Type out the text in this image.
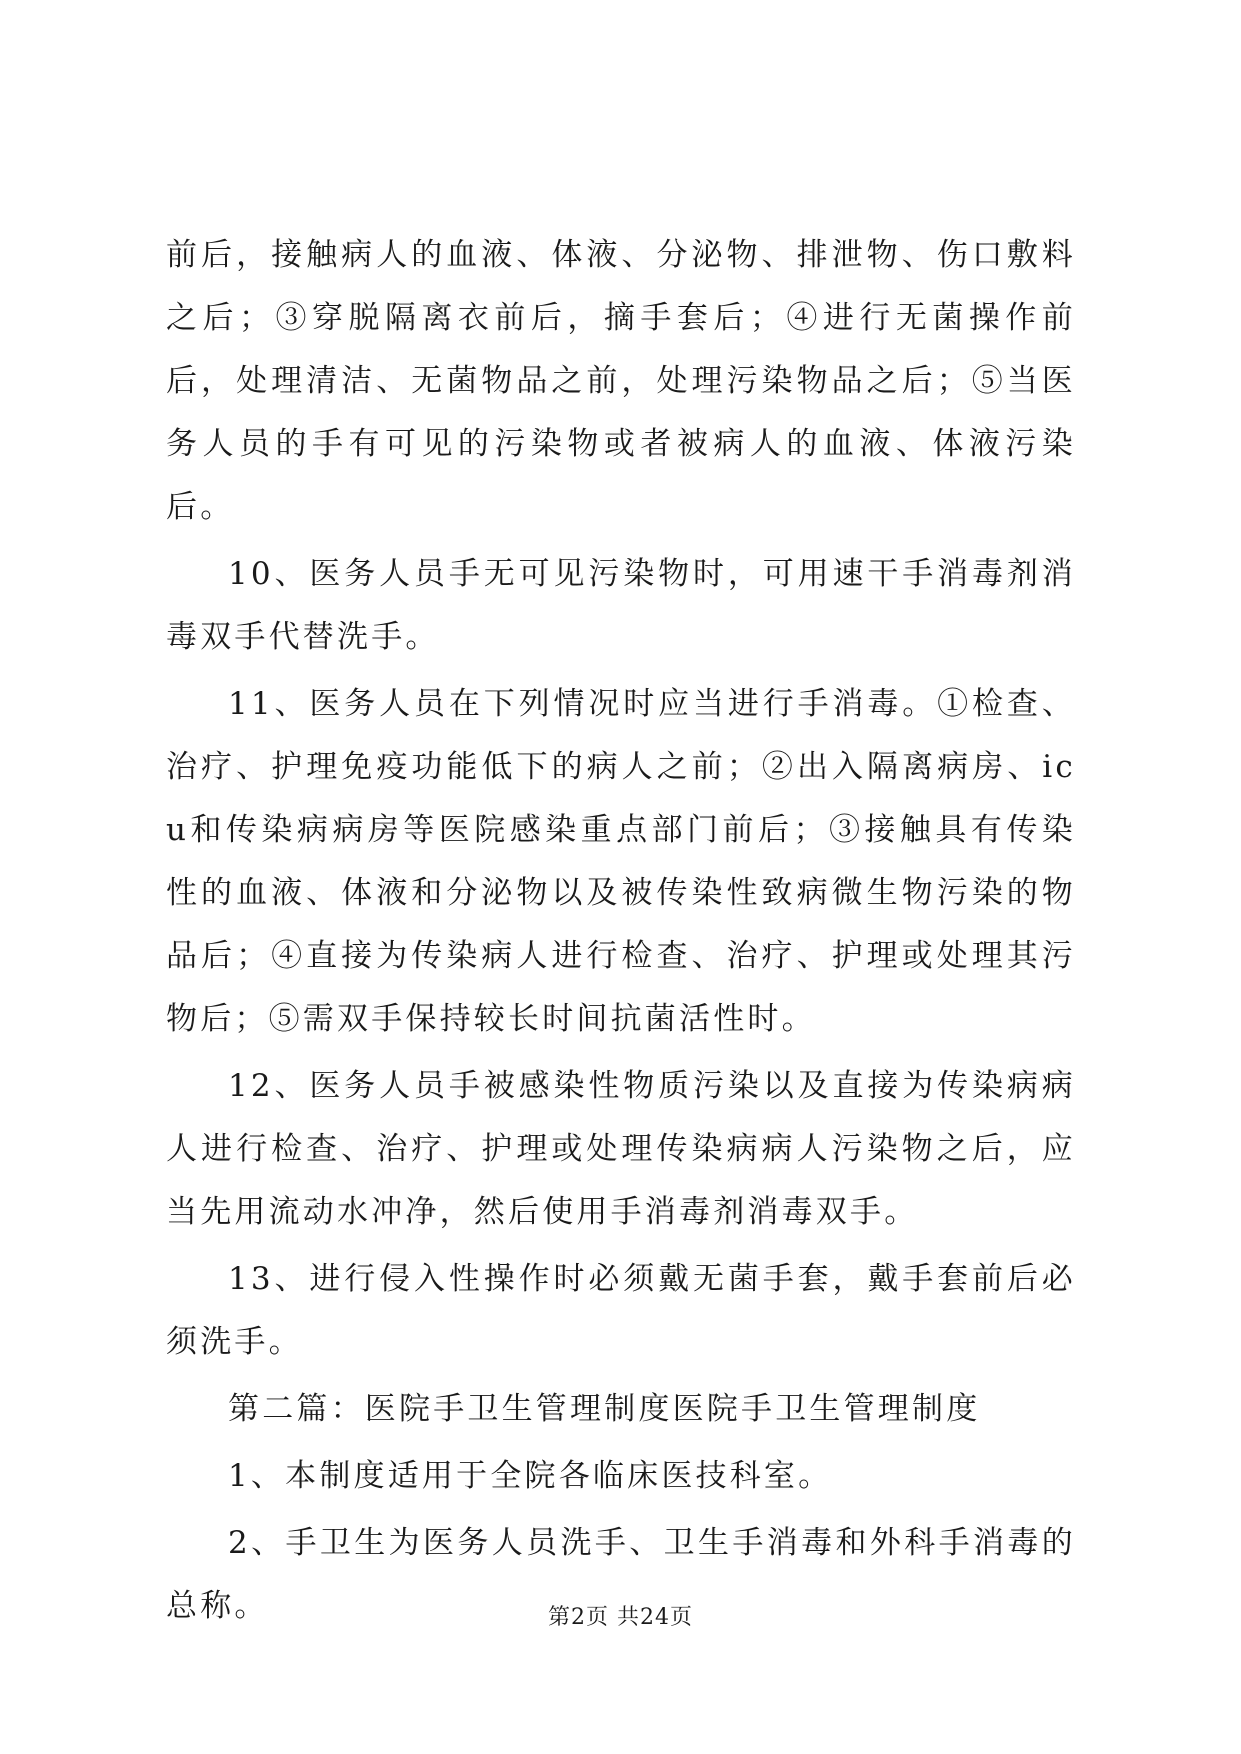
前后，接触病人的血液、体液、分泌物、排泄物、伤口敷料之后；③穿脱隔离衣前后，摘手套后；④进行无菌操作前后，处理清洁、无菌物品之前，处理污染物品之后；⑤当医务人员的手有可见的污染物或者被病人的血液、体液污染后。

10、医务人员手无可见污染物时，可用速干手消毒剂消毒双手代替洗手。

11、医务人员在下列情况时应当进行手消毒。①检查、治疗、护理免疫功能低下的病人之前；②出入隔离病房、icu和传染病病房等医院感染重点部门前后；③接触具有传染性的血液、体液和分泌物以及被传染性致病微生物污染的物品后；④直接为传染病人进行检查、治疗、护理或处理其污物后；⑤需双手保持较长时间抗菌活性时。

12、医务人员手被感染性物质污染以及直接为传染病病人进行检查、治疗、护理或处理传染病病人污染物之后，应当先用流动水冲净，然后使用手消毒剂消毒双手。

13、进行侵入性操作时必须戴无菌手套，戴手套前后必须洗手。

第二篇：医院手卫生管理制度医院手卫生管理制度

1、本制度适用于全院各临床医技科室。

2、手卫生为医务人员洗手、卫生手消毒和外科手消毒的总称。	第2页 共24页
